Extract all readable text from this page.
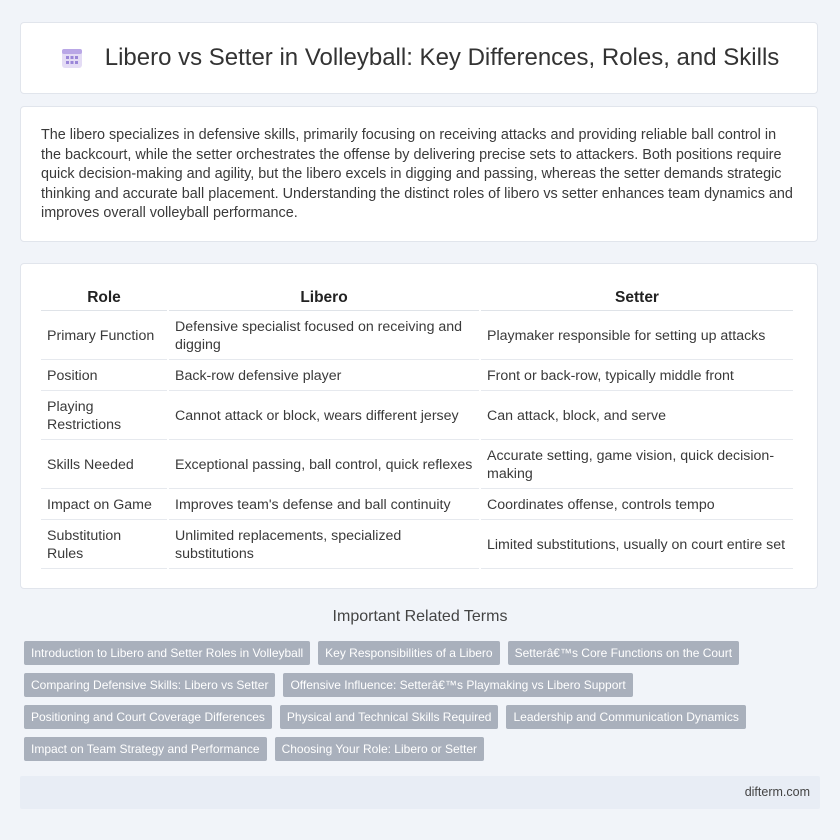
Libero vs Setter in Volleyball: Key Differences, Roles, and Skills

The libero specializes in defensive skills, primarily focusing on receiving attacks and providing reliable ball control in the backcourt, while the setter orchestrates the offense by delivering precise sets to attackers. Both positions require quick decision-making and agility, but the libero excels in digging and passing, whereas the setter demands strategic thinking and accurate ball placement. Understanding the distinct roles of libero vs setter enhances team dynamics and improves overall volleyball performance.

Role	Libero	Setter
Primary Function	Defensive specialist focused on receiving and digging	Playmaker responsible for setting up attacks
Position	Back-row defensive player	Front or back-row, typically middle front
Playing Restrictions	Cannot attack or block, wears different jersey	Can attack, block, and serve
Skills Needed	Exceptional passing, ball control, quick reflexes	Accurate setting, game vision, quick decision-making
Impact on Game	Improves team's defense and ball continuity	Coordinates offense, controls tempo
Substitution Rules	Unlimited replacements, specialized substitutions	Limited substitutions, usually on court entire set
Important Related Terms
Introduction to Libero and Setter Roles in Volleyball	Key Responsibilities of a Libero	Setterâ€™s Core Functions on the Court
Comparing Defensive Skills: Libero vs Setter	Offensive Influence: Setterâ€™s Playmaking vs Libero Support
Positioning and Court Coverage Differences	Physical and Technical Skills Required	Leadership and Communication Dynamics
Impact on Team Strategy and Performance	Choosing Your Role: Libero or Setter
difterm.com
